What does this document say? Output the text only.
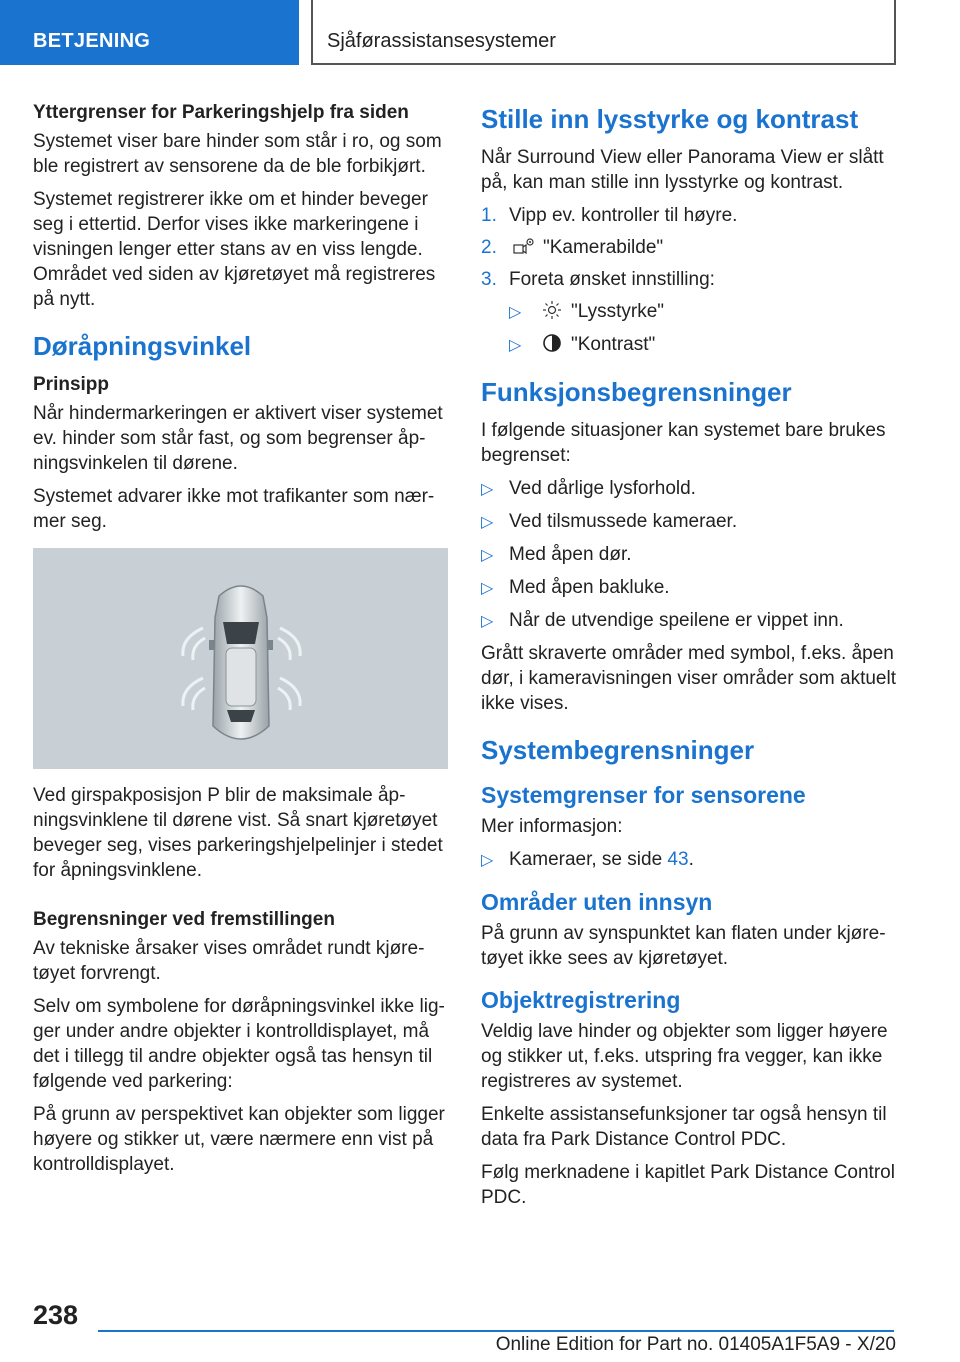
BETJENING	Sjåførassistansesystemer
Yttergrenser for Parkeringshjelp fra siden

Systemet viser bare hinder som står i ro, og som ble registrert av sensorene da de ble forbikjørt.

Systemet registrerer ikke om et hinder beveger seg i ettertid. Derfor vises ikke markeringene i visningen lenger etter stans av en viss lengde. Området ved siden av kjøretøyet må registreres på nytt.

Døråpningsvinkel
Prinsipp

Når hindermarkeringen er aktivert viser systemet ev. hinder som står fast, og som begrenser åpningsvinkelen til dørene.

Systemet advarer ikke mot trafikanter som nærmer seg.

Ved girspakposisjon P blir de maksimale åpningsvinklene til dørene vist. Så snart kjøretøyet beveger seg, vises parkeringshjelpelinjer i stedet for åpningsvinklene.

Begrensninger ved fremstillingen

Av tekniske årsaker vises området rundt kjøretøyet forvrengt.

Selv om symbolene for døråpningsvinkel ikke ligger under andre objekter i kontrolldisplayet, må det i tillegg til andre objekter også tas hensyn til følgende ved parkering:

På grunn av perspektivet kan objekter som ligger høyere og stikker ut, være nærmere enn vist på kontrolldisplayet.

Stille inn lysstyrke og kontrast

Når Surround View eller Panorama View er slått på, kan man stille inn lysstyrke og kontrast.

1. Vipp ev. kontroller til høyre.
2.	"Kamerabilde"
3. Foreta ønsket innstilling:
▷	"Lysstyrke"
▷	"Kontrast"
Funksjonsbegrensninger

I følgende situasjoner kan systemet bare brukes begrenset:

▷ Ved dårlige lysforhold.
▷ Ved tilsmussede kameraer.
▷ Med åpen dør.
▷ Med åpen bakluke.
▷ Når de utvendige speilene er vippet inn.

Grått skraverte områder med symbol, f.eks. åpen dør, i kameravisningen viser områder som aktuelt ikke vises.

Systembegrensninger
Systemgrenser for sensorene

Mer informasjon:

▷ Kameraer, se side 43.
Områder uten innsyn

På grunn av synspunktet kan flaten under kjøretøyet ikke sees av kjøretøyet.

Objektregistrering

Veldig lave hinder og objekter som ligger høyere og stikker ut, f.eks. utspring fra vegger, kan ikke registreres av systemet.

Enkelte assistansefunksjoner tar også hensyn til data fra Park Distance Control PDC.

Følg merknadene i kapitlet Park Distance Control PDC.

238
Online Edition for Part no. 01405A1F5A9 - X/20
